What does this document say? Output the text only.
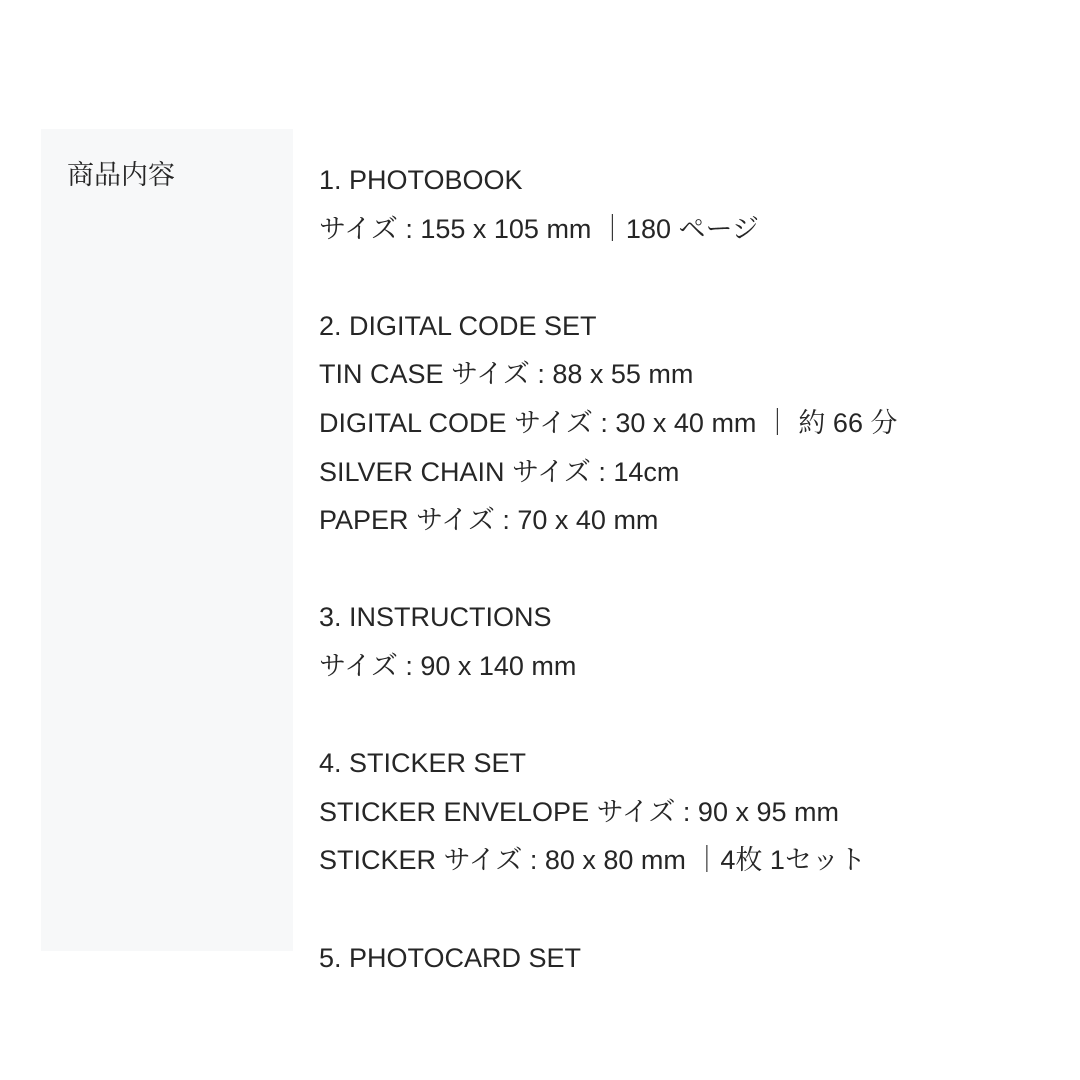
商品内容	1. PHOTOBOOK
サイズ : 155 x 105 mm ｜180 ページ
2. DIGITAL CODE SET
TIN CASE サイズ : 88 x 55 mm
DIGITAL CODE サイズ : 30 x 40 mm ｜ 約 66 分
SILVER CHAIN サイズ : 14cm
PAPER サイズ : 70 x 40 mm
3. INSTRUCTIONS
サイズ : 90 x 140 mm
4. STICKER SET
STICKER ENVELOPE サイズ : 90 x 95 mm
STICKER サイズ : 80 x 80 mm ｜4枚 1セット
5. PHOTOCARD SET
